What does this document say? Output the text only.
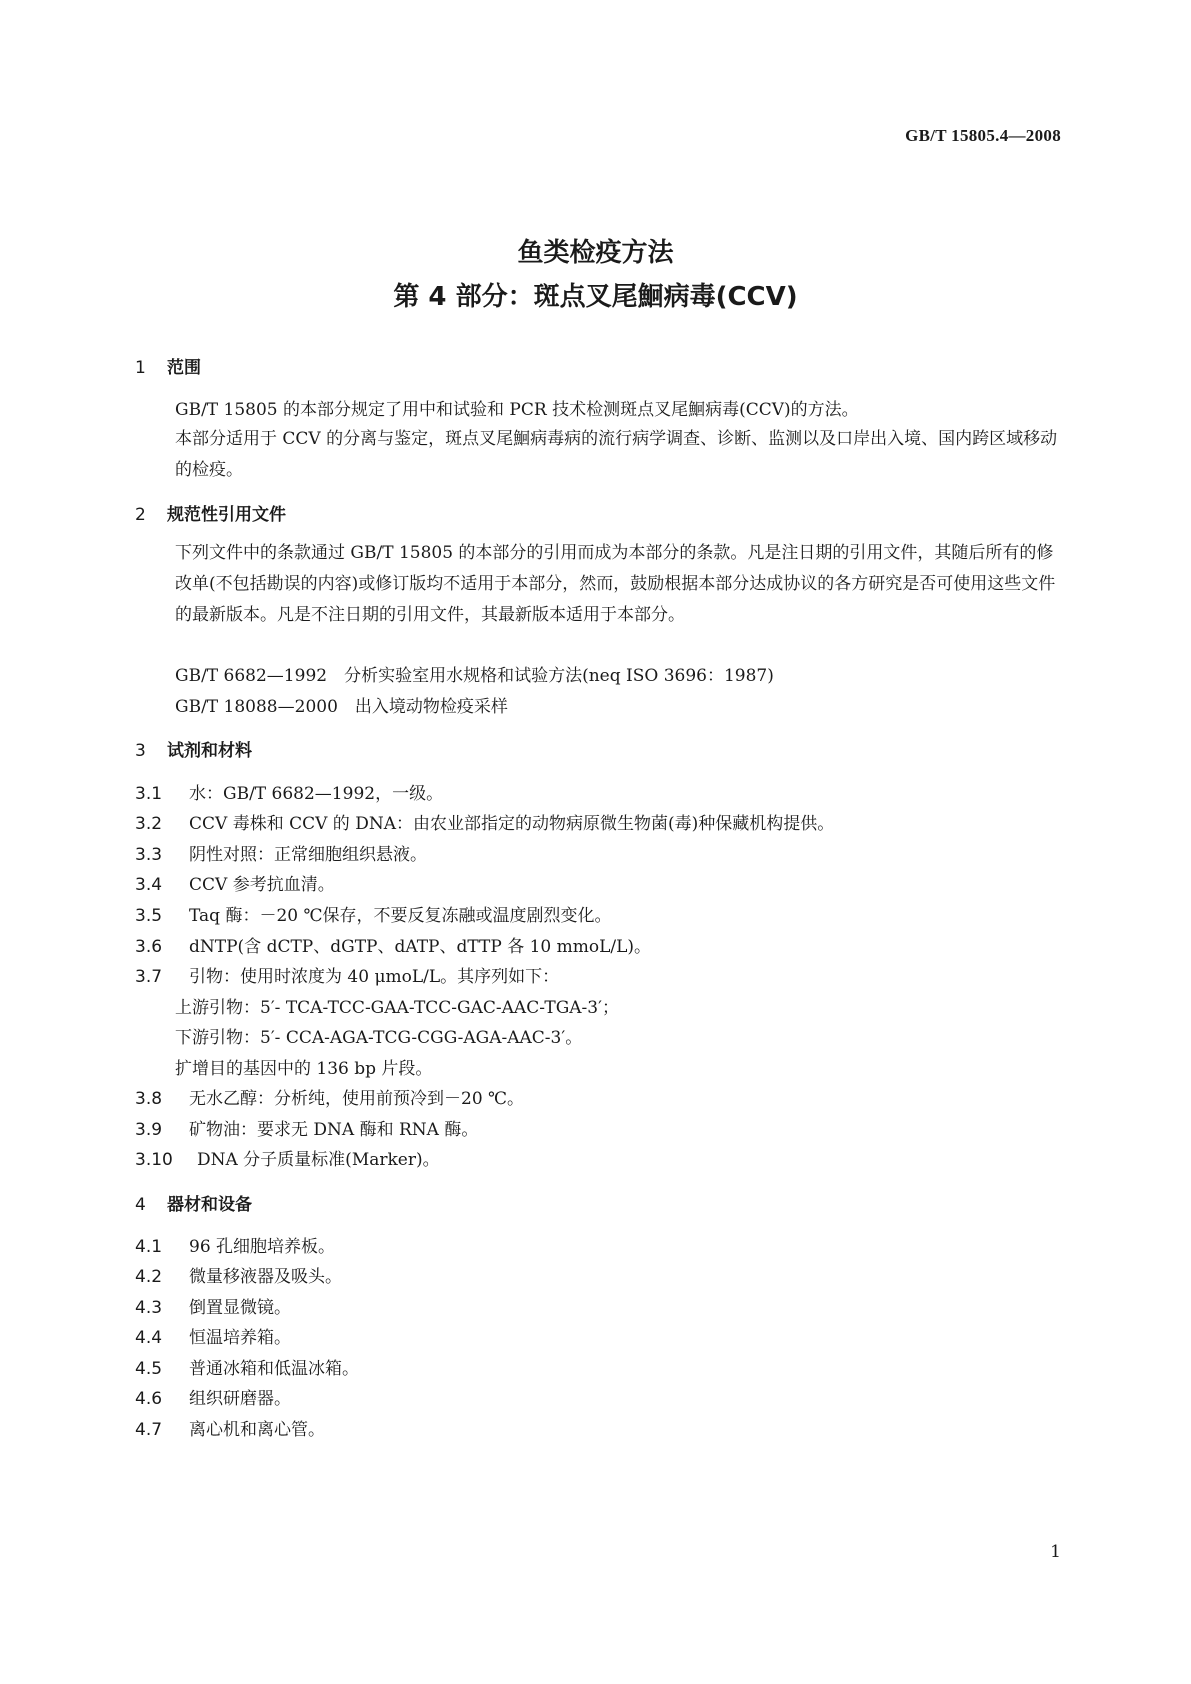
GB/T 15805.4—2008
鱼类检疫方法
第 4 部分：斑点叉尾鮰病毒(CCV)
1 范围
GB/T 15805 的本部分规定了用中和试验和 PCR 技术检测斑点叉尾鮰病毒(CCV)的方法。
本部分适用于 CCV 的分离与鉴定，斑点叉尾鮰病毒病的流行病学调查、诊断、监测以及口岸出入境、国内跨区域移动的检疫。
2 规范性引用文件
下列文件中的条款通过 GB/T 15805 的本部分的引用而成为本部分的条款。凡是注日期的引用文件，其随后所有的修改单(不包括勘误的内容)或修订版均不适用于本部分，然而，鼓励根据本部分达成协议的各方研究是否可使用这些文件的最新版本。凡是不注日期的引用文件，其最新版本适用于本部分。
GB/T 6682—1992　分析实验室用水规格和试验方法(neq ISO 3696：1987)
GB/T 18088—2000　出入境动物检疫采样
3 试剂和材料
3.1 水：GB/T 6682—1992，一级。
3.2 CCV 毒株和 CCV 的 DNA：由农业部指定的动物病原微生物菌(毒)种保藏机构提供。
3.3 阴性对照：正常细胞组织悬液。
3.4 CCV 参考抗血清。
3.5 Taq 酶：－20 ℃保存，不要反复冻融或温度剧烈变化。
3.6 dNTP(含 dCTP、dGTP、dATP、dTTP 各 10 mmoL/L)。
3.7 引物：使用时浓度为 40 μmoL/L。其序列如下：
上游引物：5′- TCA-TCC-GAA-TCC-GAC-AAC-TGA-3′；
下游引物：5′- CCA-AGA-TCG-CGG-AGA-AAC-3′。
扩增目的基因中的 136 bp 片段。
3.8 无水乙醇：分析纯，使用前预冷到－20 ℃。
3.9 矿物油：要求无 DNA 酶和 RNA 酶。
3.10 DNA 分子质量标准(Marker)。
4 器材和设备
4.1 96 孔细胞培养板。
4.2 微量移液器及吸头。
4.3 倒置显微镜。
4.4 恒温培养箱。
4.5 普通冰箱和低温冰箱。
4.6 组织研磨器。
4.7 离心机和离心管。
1
